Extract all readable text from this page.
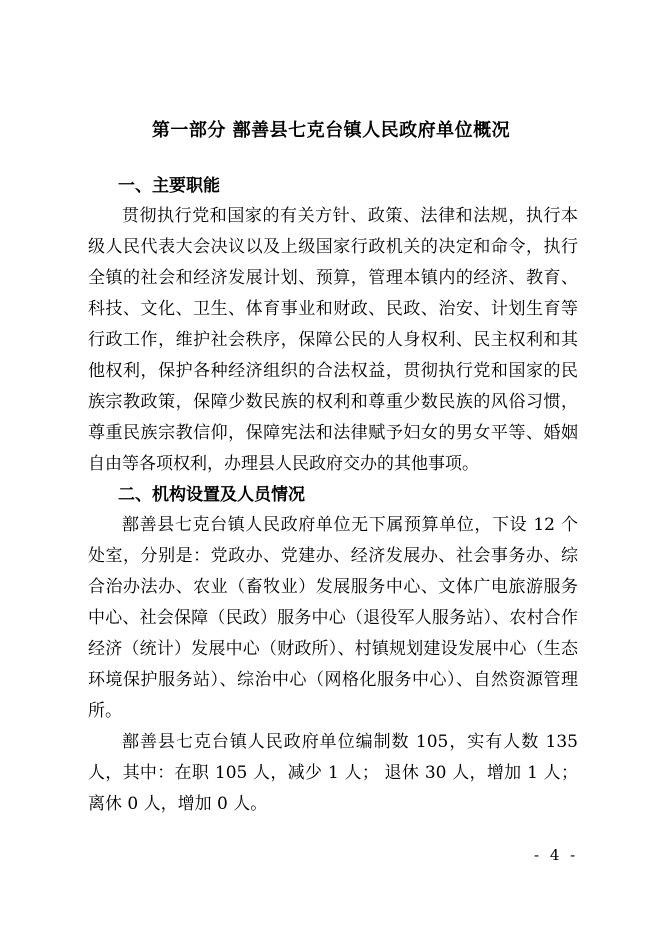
第一部分 鄯善县七克台镇人民政府单位概况
一、主要职能

贯彻执行党和国家的有关方针、政策、法律和法规，执行本级人民代表大会决议以及上级国家行政机关的决定和命令，执行全镇的社会和经济发展计划、预算，管理本镇内的经济、教育、科技、文化、卫生、体育事业和财政、民政、治安、计划生育等行政工作，维护社会秩序，保障公民的人身权利、民主权利和其他权利，保护各种经济组织的合法权益，贯彻执行党和国家的民族宗教政策，保障少数民族的权利和尊重少数民族的风俗习惯，尊重民族宗教信仰，保障宪法和法律赋予妇女的男女平等、婚姻自由等各项权利，办理县人民政府交办的其他事项。

二、机构设置及人员情况

鄯善县七克台镇人民政府单位无下属预算单位，下设 12 个处室，分别是：党政办、党建办、经济发展办、社会事务办、综合治办法办、农业（畜牧业）发展服务中心、文体广电旅游服务中心、社会保障（民政）服务中心（退役军人服务站）、农村合作经济（统计）发展中心（财政所）、村镇规划建设发展中心（生态环境保护服务站）、综治中心（网格化服务中心）、自然资源管理所。

鄯善县七克台镇人民政府单位编制数 105，实有人数 135 人，其中：在职 105 人，减少 1 人； 退休 30 人，增加 1 人；离休 0 人，增加 0 人。

- 4 -
